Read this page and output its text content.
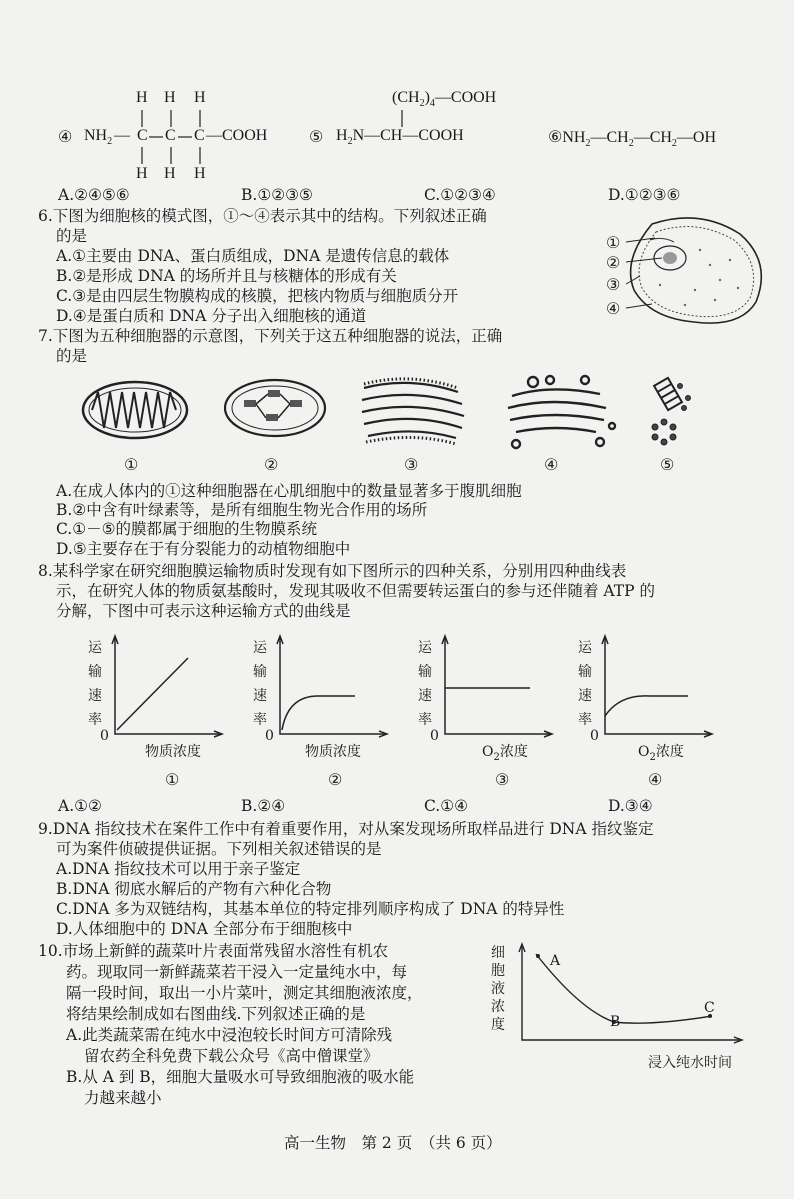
④ $NH_2$ — C C C —COOH
H H H
H H H
⑤
$(CH_2)_4—COOH$
$H_2N—CH—COOH$	$⑥NH_2—CH_2—CH_2—OH$
A.②④⑤⑥	B.①②③⑤	C.①②③④	D.①②③⑥
6.下图为细胞核的模式图，①～④表示其中的结构。下列叙述正确
的是
A.①主要由 DNA、蛋白质组成，DNA 是遗传信息的载体
B.②是形成 DNA 的场所并且与核糖体的形成有关
C.③是由四层生物膜构成的核膜，把核内物质与细胞质分开
D.④是蛋白质和 DNA 分子出入细胞核的通道
①
②
③
④
7.下图为五种细胞器的示意图，下列关于这五种细胞器的说法，正确
的是
①	②	③	④	⑤
A.在成人体内的①这种细胞器在心肌细胞中的数量显著多于腹肌细胞
B.②中含有叶绿素等，是所有细胞生物光合作用的场所
C.①－⑤的膜都属于细胞的生物膜系统
D.⑤主要存在于有分裂能力的动植物细胞中
8.某科学家在研究细胞膜运输物质时发现有如下图所示的四种关系，分别用四种曲线表
示，在研究人体的物质氨基酸时，发现其吸收不但需要转运蛋白的参与还伴随着 ATP 的
分解，下图中可表示这种运输方式的曲线是
运
输
速
率
运
输
速
率
运
输
速
率
运
输
速
率
0	0	0	0
物质浓度	物质浓度	$O_2$浓度	$O_2$浓度
①	②	③	④
A.①②	B.②④	C.①④	D.③④
9.DNA 指纹技术在案件工作中有着重要作用，对从案发现场所取样品进行 DNA 指纹鉴定
可为案件侦破提供证据。下列相关叙述错误的是
A.DNA 指纹技术可以用于亲子鉴定
B.DNA 彻底水解后的产物有六种化合物
C.DNA 多为双链结构，其基本单位的特定排列顺序构成了 DNA 的特异性
D.人体细胞中的 DNA 全部分布于细胞核中
10.市场上新鲜的蔬菜叶片表面常残留水溶性有机农
药。现取同一新鲜蔬菜若干浸入一定量纯水中，每
隔一段时间，取出一小片菜叶，测定其细胞液浓度，
将结果绘制成如右图曲线.下列叙述正确的是
A.此类蔬菜需在纯水中浸泡较长时间方可清除残
留农药全科免费下载公众号《高中僧课堂》
B.从 A 到 B，细胞大量吸水可导致细胞液的吸水能
力越来越小
细
胞
液
浓
度
A
B
C
浸入纯水时间
高一生物　第 2 页　（共 6 页）
